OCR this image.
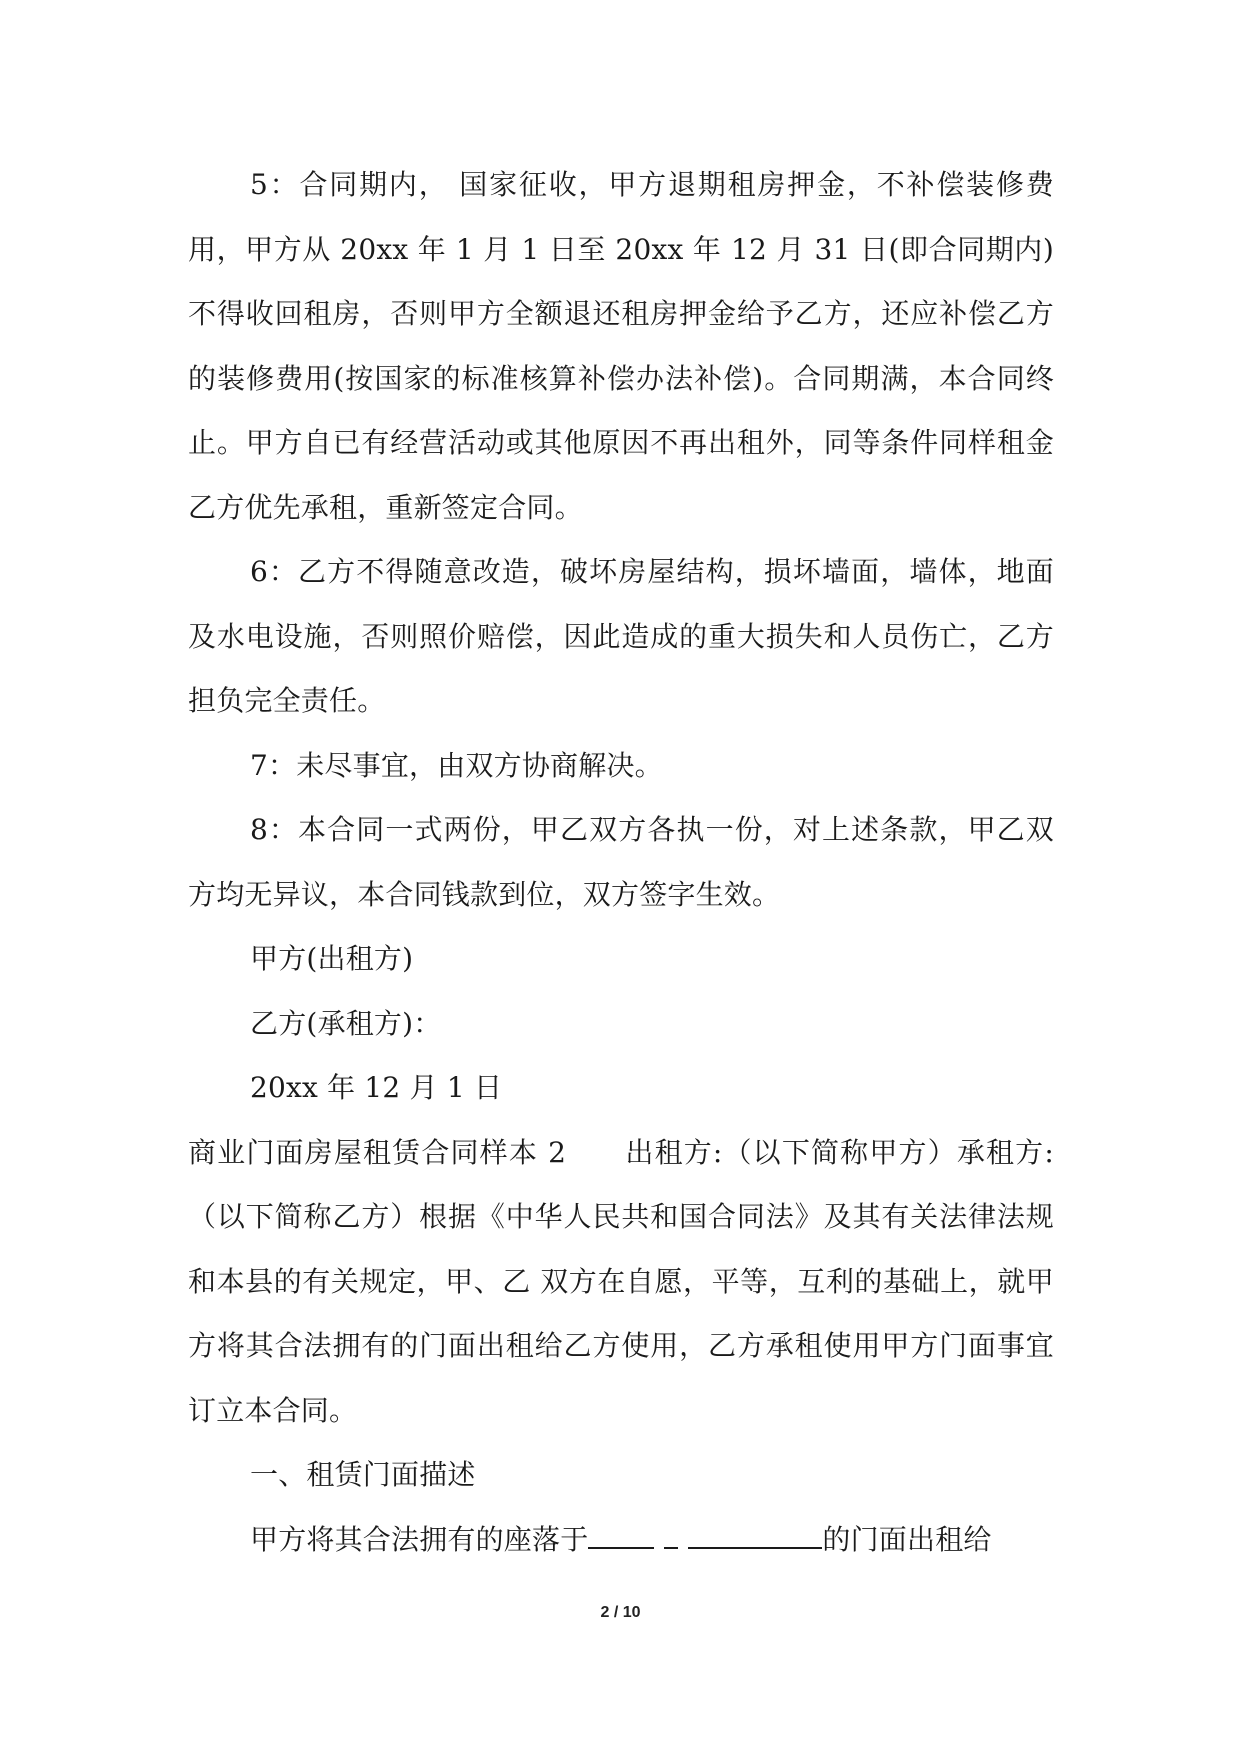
5：合同期内， 国家征收，甲方退期租房押金，不补偿装修费用，甲方从 20xx 年 1 月 1 日至 20xx 年 12 月 31 日(即合同期内)不得收回租房，否则甲方全额退还租房押金给予乙方，还应补偿乙方的装修费用(按国家的标准核算补偿办法补偿)。合同期满，本合同终止。甲方自已有经营活动或其他原因不再出租外，同等条件同样租金乙方优先承租，重新签定合同。

6：乙方不得随意改造，破坏房屋结构，损坏墙面，墙体，地面及水电设施，否则照价赔偿，因此造成的重大损失和人员伤亡，乙方担负完全责任。

7：未尽事宜，由双方协商解决。

8：本合同一式两份，甲乙双方各执一份，对上述条款，甲乙双方均无异议，本合同钱款到位，双方签字生效。

甲方(出租方)

乙方(承租方)：

20xx 年 12 月 1 日

商业门面房屋租赁合同样本 2　　出租方:（以下简称甲方）承租方:（以下简称乙方）根据《中华人民共和国合同法》及其有关法律法规和本县的有关规定，甲、乙 双方在自愿，平等，互利的基础上，就甲方将其合法拥有的门面出租给乙方使用，乙方承租使用甲方门面事宜订立本合同。

一、租赁门面描述

甲方将其合法拥有的座落于	的门面出租给

2 / 10
